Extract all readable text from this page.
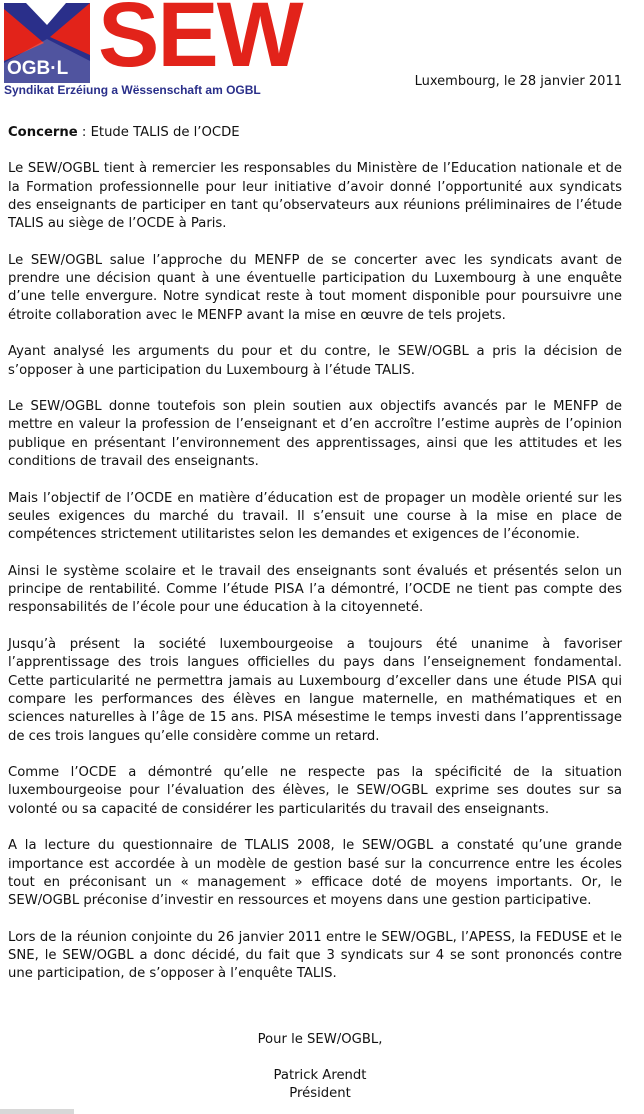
OGB·L SEW
Syndikat Erzéiung a Wëssenschaft am OGBL
Luxembourg, le 28 janvier 2011

Concerne : Etude TALIS de l’OCDE

Le SEW/OGBL tient à remercier les responsables du Ministère de l’Education nationale et de la Formation professionnelle pour leur initiative d’avoir donné l’opportunité aux syndicats des enseignants de participer en tant qu’observateurs aux réunions préliminaires de l’étude TALIS au siège de l’OCDE à Paris.

Le SEW/OGBL salue l’approche du MENFP de se concerter avec les syndicats avant de prendre une décision quant à une éventuelle participation du Luxembourg à une enquête d’une telle envergure. Notre syndicat reste à tout moment disponible pour poursuivre une étroite collaboration avec le MENFP avant la mise en œuvre de tels projets.

Ayant analysé les arguments du pour et du contre, le SEW/OGBL a pris la décision de s’opposer à une participation du Luxembourg à l’étude TALIS.

Le SEW/OGBL donne toutefois son plein soutien aux objectifs avancés par le MENFP de mettre en valeur la profession de l’enseignant et d’en accroître l’estime auprès de l’opinion publique en présentant l’environnement des apprentissages, ainsi que les attitudes et les conditions de travail des enseignants.

Mais l’objectif de l’OCDE en matière d’éducation est de propager un modèle orienté sur les seules exigences du marché du travail. Il s’ensuit une course à la mise en place de compétences strictement utilitaristes selon les demandes et exigences de l’économie.

Ainsi le système scolaire et le travail des enseignants sont évalués et présentés selon un principe de rentabilité. Comme l’étude PISA l’a démontré, l’OCDE ne tient pas compte des responsabilités de l’école pour une éducation à la citoyenneté.

Jusqu’à présent la société luxembourgeoise a toujours été unanime à favoriser l’apprentissage des trois langues officielles du pays dans l’enseignement fondamental. Cette particularité ne permettra jamais au Luxembourg d’exceller dans une étude PISA qui compare les performances des élèves en langue maternelle, en mathématiques et en sciences naturelles à l’âge de 15 ans. PISA mésestime le temps investi dans l’apprentissage de ces trois langues qu’elle considère comme un retard.

Comme l’OCDE a démontré qu’elle ne respecte pas la spécificité de la situation luxembourgeoise pour l’évaluation des élèves, le SEW/OGBL exprime ses doutes sur sa volonté ou sa capacité de considérer les particularités du travail des enseignants.

A la lecture du questionnaire de TLALIS 2008, le SEW/OGBL a constaté qu’une grande importance est accordée à un modèle de gestion basé sur la concurrence entre les écoles tout en préconisant un « management » efficace doté de moyens importants. Or, le SEW/OGBL préconise d’investir en ressources et moyens dans une gestion participative.

Lors de la réunion conjointe du 26 janvier 2011 entre le SEW/OGBL, l’APESS, la FEDUSE et le SNE, le SEW/OGBL a donc décidé, du fait que 3 syndicats sur 4 se sont prononcés contre une participation, de s’opposer à l’enquête TALIS.

Pour le SEW/OGBL,
Patrick Arendt
Président
